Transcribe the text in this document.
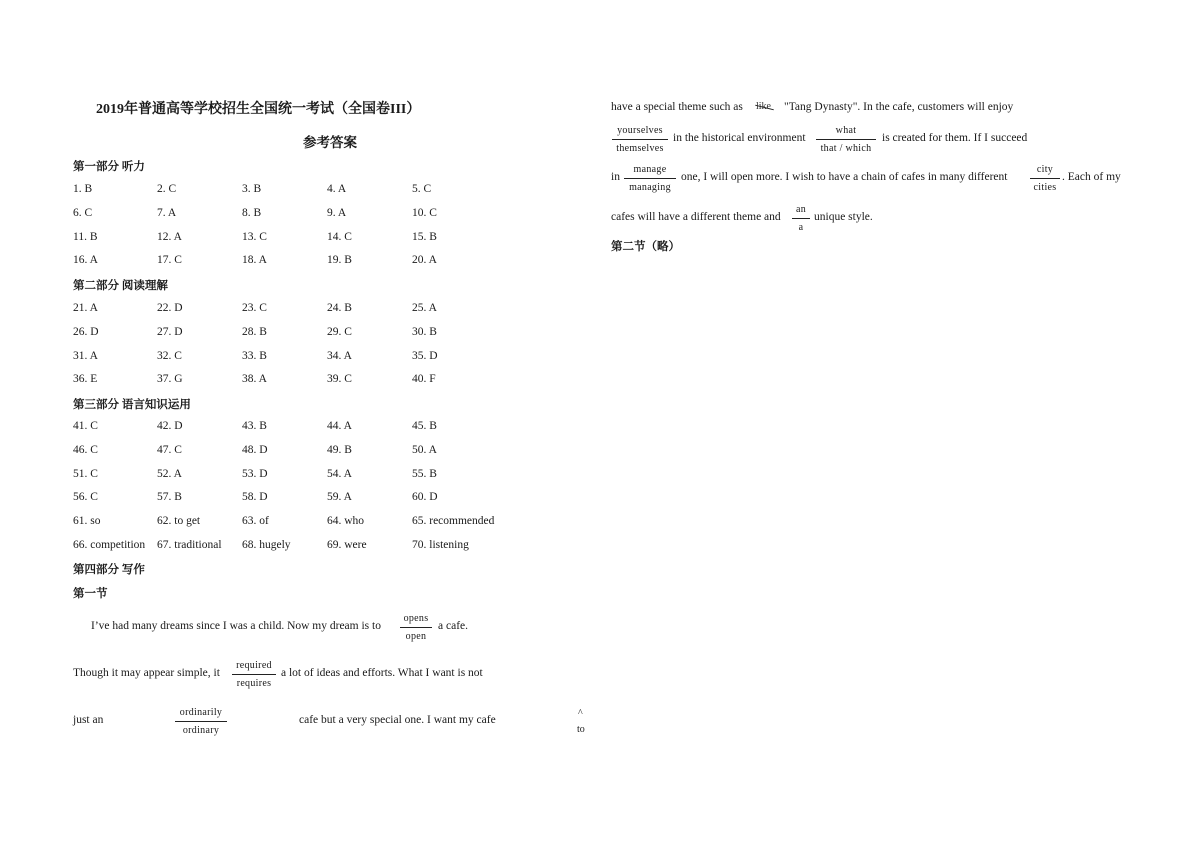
2019年普通高等学校招生全国统一考试（全国卷III）
参考答案
第一部分 听力
1. B	2. C	3. B	4. A	5. C
6. C	7. A	8. B	9. A	10. C
11. B	12. A	13. C	14. C	15. B
16. A	17. C	18. A	19. B	20. A
第二部分 阅读理解
21. A	22. D	23. C	24. B	25. A
26. D	27. D	28. B	29. C	30. B
31. A	32. C	33. B	34. A	35. D
36. E	37. G	38. A	39. C	40. F
第三部分 语言知识运用
41. C	42. D	43. B	44. A	45. B
46. C	47. C	48. D	49. B	50. A
51. C	52. A	53. D	54. A	55. B
56. C	57. B	58. D	59. A	60. D
61. so	62. to get	63. of	64. who	65. recommended
66. competition 67. traditional 68. hugely	69. were	70. listening
第四部分 写作
第一节
I’ve had many dreams since I was a child. Now my dream is to
opens
open
a cafe.
Though it may appear simple, it
required
requires
a lot of ideas and efforts. What I want is not
just an
ordinarily
ordinary
cafe but a very special one. I want my cafe
^
to
have a special theme such as like "Tang Dynasty". In the cafe, customers will enjoy
yourselves
themselves
in the historical environment
what
that / which
is created for them. If I succeed
in
manage
managing
one, I will open more. I wish to have a chain of cafes in many different
city
cities
. Each of my
cafes will have a different theme and
an
a
unique style.
第二节（略）
